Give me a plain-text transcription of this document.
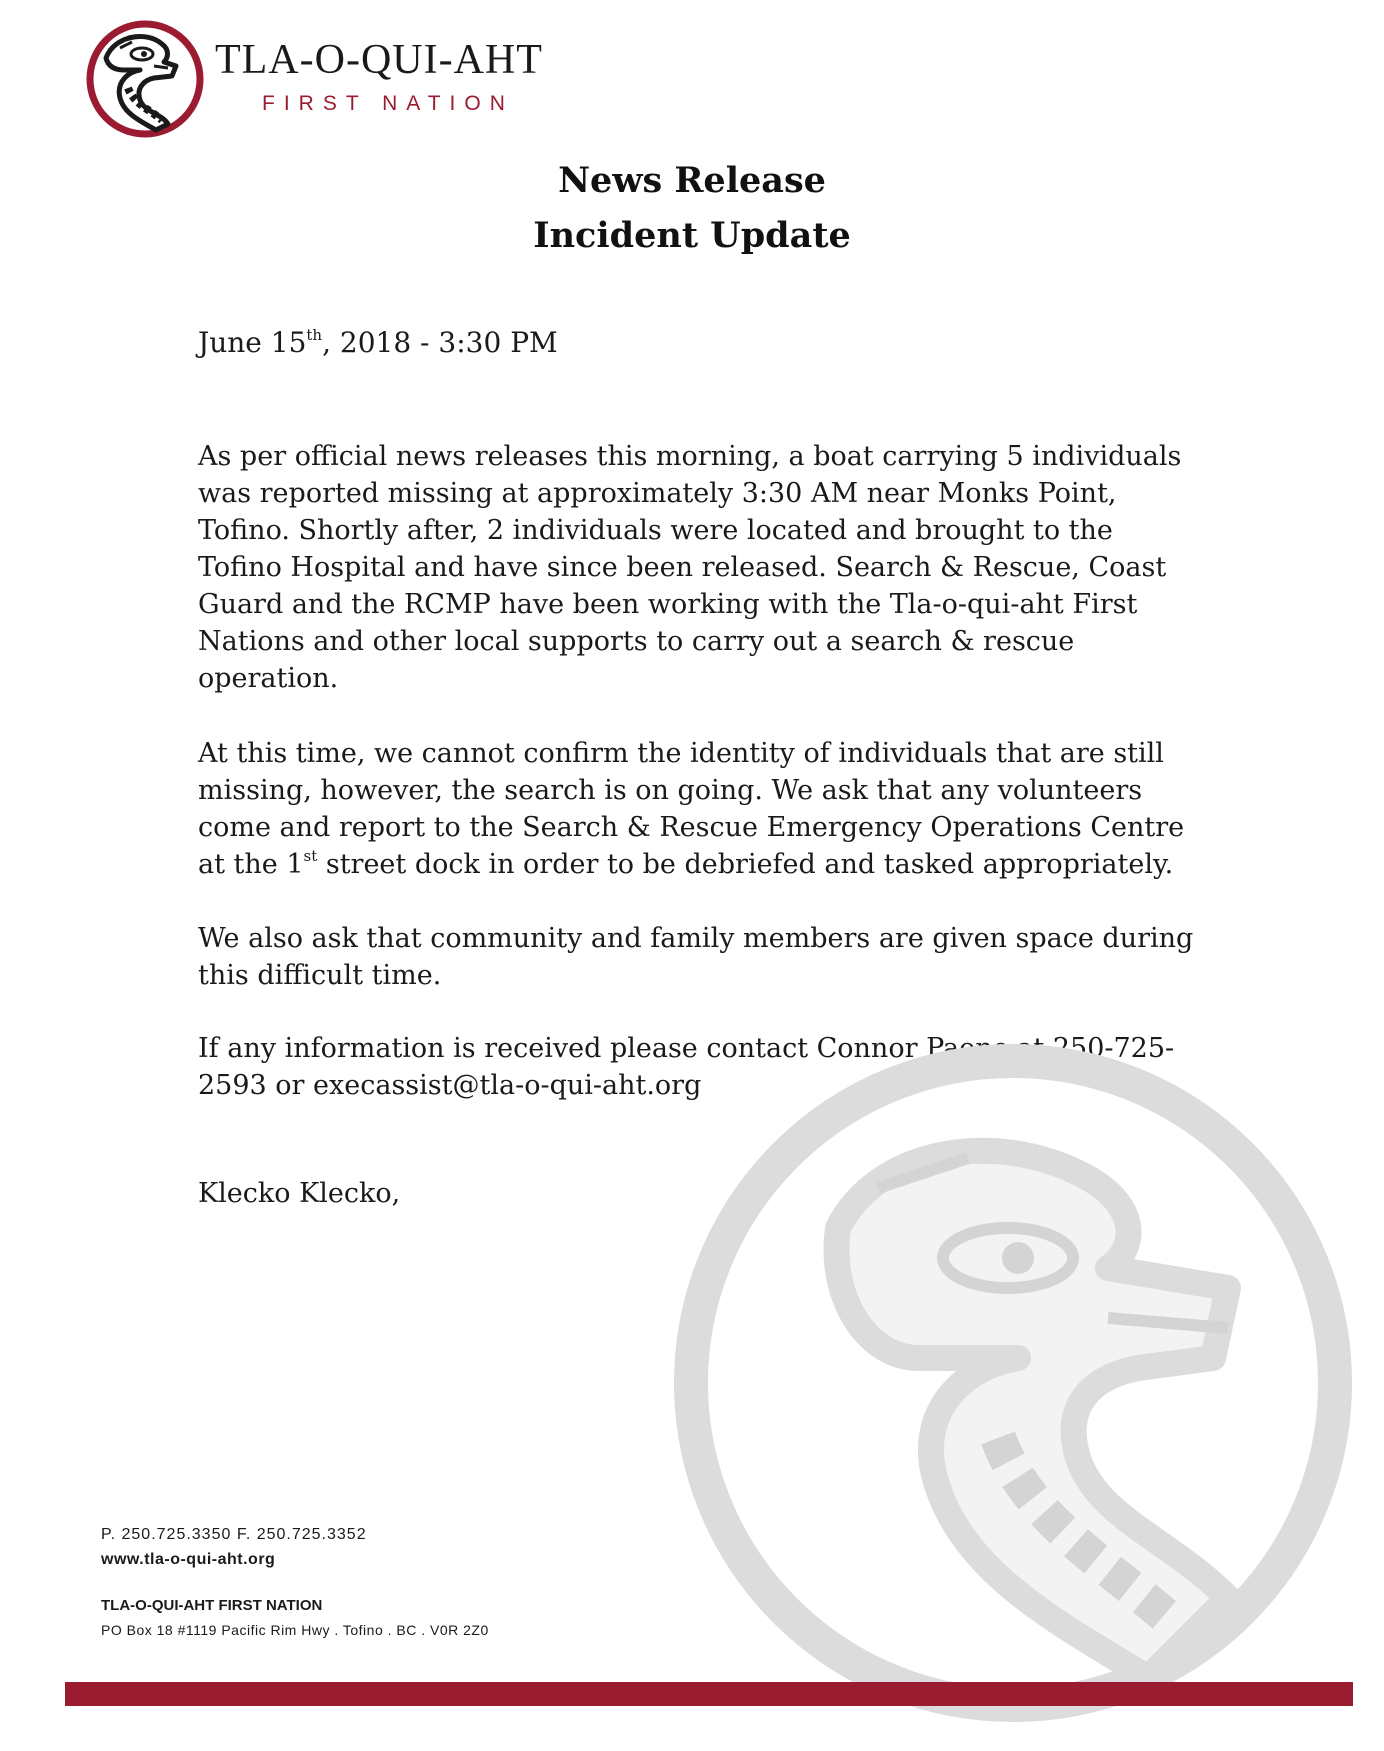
TLA-O-QUI-AHT
FIRST NATION
News Release
Incident Update
June 15th, 2018 - 3:30 PM
As per official news releases this morning, a boat carrying 5 individuals
was reported missing at approximately 3:30 AM near Monks Point,
Tofino. Shortly after, 2 individuals were located and brought to the
Tofino Hospital and have since been released. Search & Rescue, Coast
Guard and the RCMP have been working with the Tla-o-qui-aht First
Nations and other local supports to carry out a search & rescue
operation.
At this time, we cannot confirm the identity of individuals that are still
missing, however, the search is on going. We ask that any volunteers
come and report to the Search & Rescue Emergency Operations Centre
at the 1st street dock in order to be debriefed and tasked appropriately.
We also ask that community and family members are given space during
this difficult time.
If any information is received please contact Connor Paone at 250-725-
2593 or execassist@tla-o-qui-aht.org
Klecko Klecko,
P. 250.725.3350 F. 250.725.3352
www.tla-o-qui-aht.org
TLA-O-QUI-AHT FIRST NATION
PO Box 18 #1119 Pacific Rim Hwy . Tofino . BC . V0R 2Z0
